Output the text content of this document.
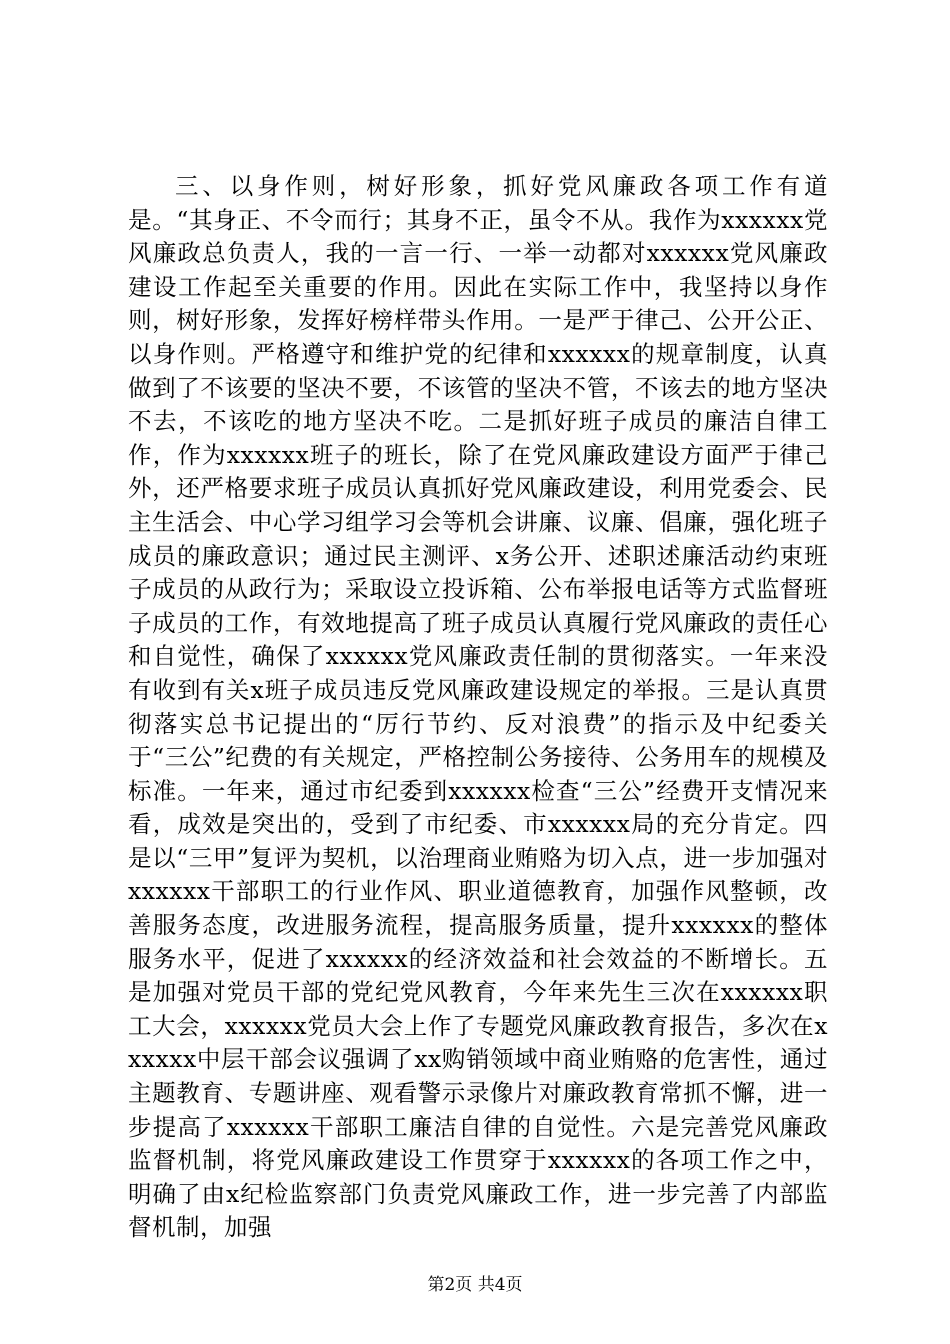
三、以身作则，树好形象，抓好党风廉政各项工作有道是。“其身正、不令而行；其身不正，虽令不从。我作为xxxxxx党风廉政总负责人，我的一言一行、一举一动都对xxxxxx党风廉政建设工作起至关重要的作用。因此在实际工作中，我坚持以身作则，树好形象，发挥好榜样带头作用。一是严于律己、公开公正、以身作则。严格遵守和维护党的纪律和xxxxxx的规章制度，认真做到了不该要的坚决不要，不该管的坚决不管，不该去的地方坚决不去，不该吃的地方坚决不吃。二是抓好班子成员的廉洁自律工作，作为xxxxxx班子的班长，除了在党风廉政建设方面严于律己外，还严格要求班子成员认真抓好党风廉政建设，利用党委会、民主生活会、中心学习组学习会等机会讲廉、议廉、倡廉，强化班子成员的廉政意识；通过民主测评、x务公开、述职述廉活动约束班子成员的从政行为；采取设立投诉箱、公布举报电话等方式监督班子成员的工作，有效地提高了班子成员认真履行党风廉政的责任心和自觉性，确保了xxxxxx党风廉政责任制的贯彻落实。一年来没有收到有关x班子成员违反党风廉政建设规定的举报。三是认真贯彻落实总书记提出的“厉行节约、反对浪费”的指示及中纪委关于“三公”纪费的有关规定，严格控制公务接待、公务用车的规模及标准。一年来，通过市纪委到xxxxxx检查“三公”经费开支情况来看，成效是突出的，受到了市纪委、市xxxxxx局的充分肯定。四是以“三甲”复评为契机，以治理商业贿赂为切入点，进一步加强对xxxxxx干部职工的行业作风、职业道德教育，加强作风整顿，改善服务态度，改进服务流程，提高服务质量，提升xxxxxx的整体服务水平，促进了xxxxxx的经济效益和社会效益的不断增长。五是加强对党员干部的党纪党风教育，今年来先生三次在xxxxxx职工大会，xxxxxx党员大会上作了专题党风廉政教育报告，多次在xxxxxx中层干部会议强调了xx购销领域中商业贿赂的危害性，通过主题教育、专题讲座、观看警示录像片对廉政教育常抓不懈，进一步提高了xxxxxx干部职工廉洁自律的自觉性。六是完善党风廉政监督机制，将党风廉政建设工作贯穿于xxxxxx的各项工作之中，明确了由x纪检监察部门负责党风廉政工作，进一步完善了内部监督机制，加强

第2页 共4页
